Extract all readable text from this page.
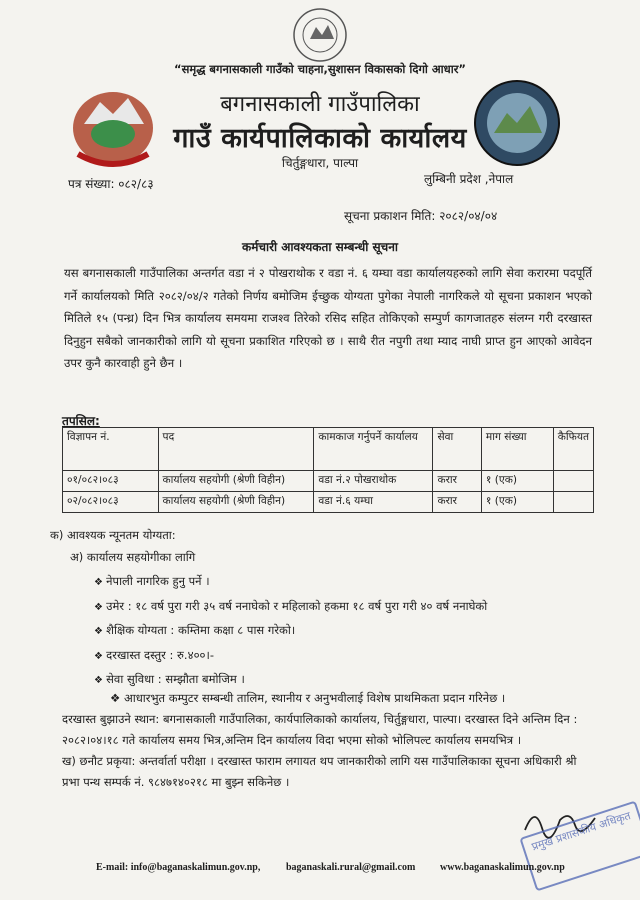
“समृद्ध बगनासकाली गाउँको चाहना,सुशासन विकासको दिगो आधार”
बगनासकाली गाउँपालिका
गाउँ कार्यपालिकाको कार्यालय
चिर्तुङ्गधारा, पाल्पा
पत्र संख्या: ०८२/८३	लुम्बिनी प्रदेश ,नेपाल
सूचना प्रकाशन मिति: २०८२/०४/०४
कर्मचारी आवश्यकता सम्बन्धी सूचना
यस बगनासकाली गाउँपालिका अन्तर्गत वडा नं २ पोखराथोक र वडा नं. ६ यम्घा वडा कार्यालयहरुको लागि सेवा करारमा पदपूर्ति गर्ने कार्यालयको मिति २०८२/०४/२ गतेको निर्णय बमोजिम ईच्छुक योग्यता पुगेका नेपाली नागरिकले यो सूचना प्रकाशन भएको मितिले १५ (पन्ध्र) दिन भित्र कार्यालय समयमा राजश्व तिरेको रसिद सहित तोकिएको सम्पुर्ण कागजातहरु संलग्न गरी दरखास्त दिनुहुन सबैको जानकारीको लागि यो सूचना प्रकाशित गरिएको छ । साथै रीत नपुगी तथा म्याद नाघी प्राप्त हुन आएको आवेदन उपर कुनै कारवाही हुने छैन ।
तपसिल:
विज्ञापन नं.	पद	कामकाज गर्नुपर्ने कार्यालय	सेवा	माग संख्या	कैफियत
०१/०८२।०८३	कार्यालय सहयोगी (श्रेणी विहीन)	वडा नं.२ पोखराथोक	करार	१ (एक)	
०२/०८२।०८३	कार्यालय सहयोगी (श्रेणी विहीन)	वडा नं.६ यम्घा	करार	१ (एक)	
क) आवश्यक न्यूनतम योग्यता:
अ) कार्यालय सहयोगीका लागि
❖ नेपाली नागरिक हुनु पर्ने ।
❖ उमेर : १८ वर्ष पुरा गरी ३५ वर्ष ननाघेको र महिलाको हकमा १८ वर्ष पुरा गरी ४० वर्ष ननाघेको
❖ शैक्षिक योग्यता : कम्तिमा कक्षा ८ पास गरेको।
❖ दरखास्त दस्तुर : रु.४००।-
❖ सेवा सुविधा : सम्झौता बमोजिम ।
❖ आधारभुत कम्पुटर सम्बन्धी तालिम, स्थानीय र अनुभवीलाई विशेष प्राथमिकता प्रदान गरिनेछ ।
दरखास्त बुझाउने स्थान: बगनासकाली गाउँपालिका, कार्यपालिकाको कार्यालय, चिर्तुङ्गधारा, पाल्पा। दरखास्त दिने अन्तिम दिन : २०८२।०४।१८ गते कार्यालय समय भित्र,अन्तिम दिन कार्यालय विदा भएमा सोको भोलिपल्ट कार्यालय समयभित्र ।
ख) छनौट प्रकृया: अन्तर्वार्ता परीक्षा । दरखास्त फाराम लगायत थप जानकारीको लागि यस गाउँपालिकाका सूचना अधिकारी श्री प्रभा पन्थ सम्पर्क नं. ९८४७१४०२१८ मा बुझ्न सकिनेछ ।
प्रमुख प्रशासकीय अधिकृत
E-mail: info@baganaskalimun.gov.np,	baganaskali.rural@gmail.com www.baganaskalimun.gov.np
